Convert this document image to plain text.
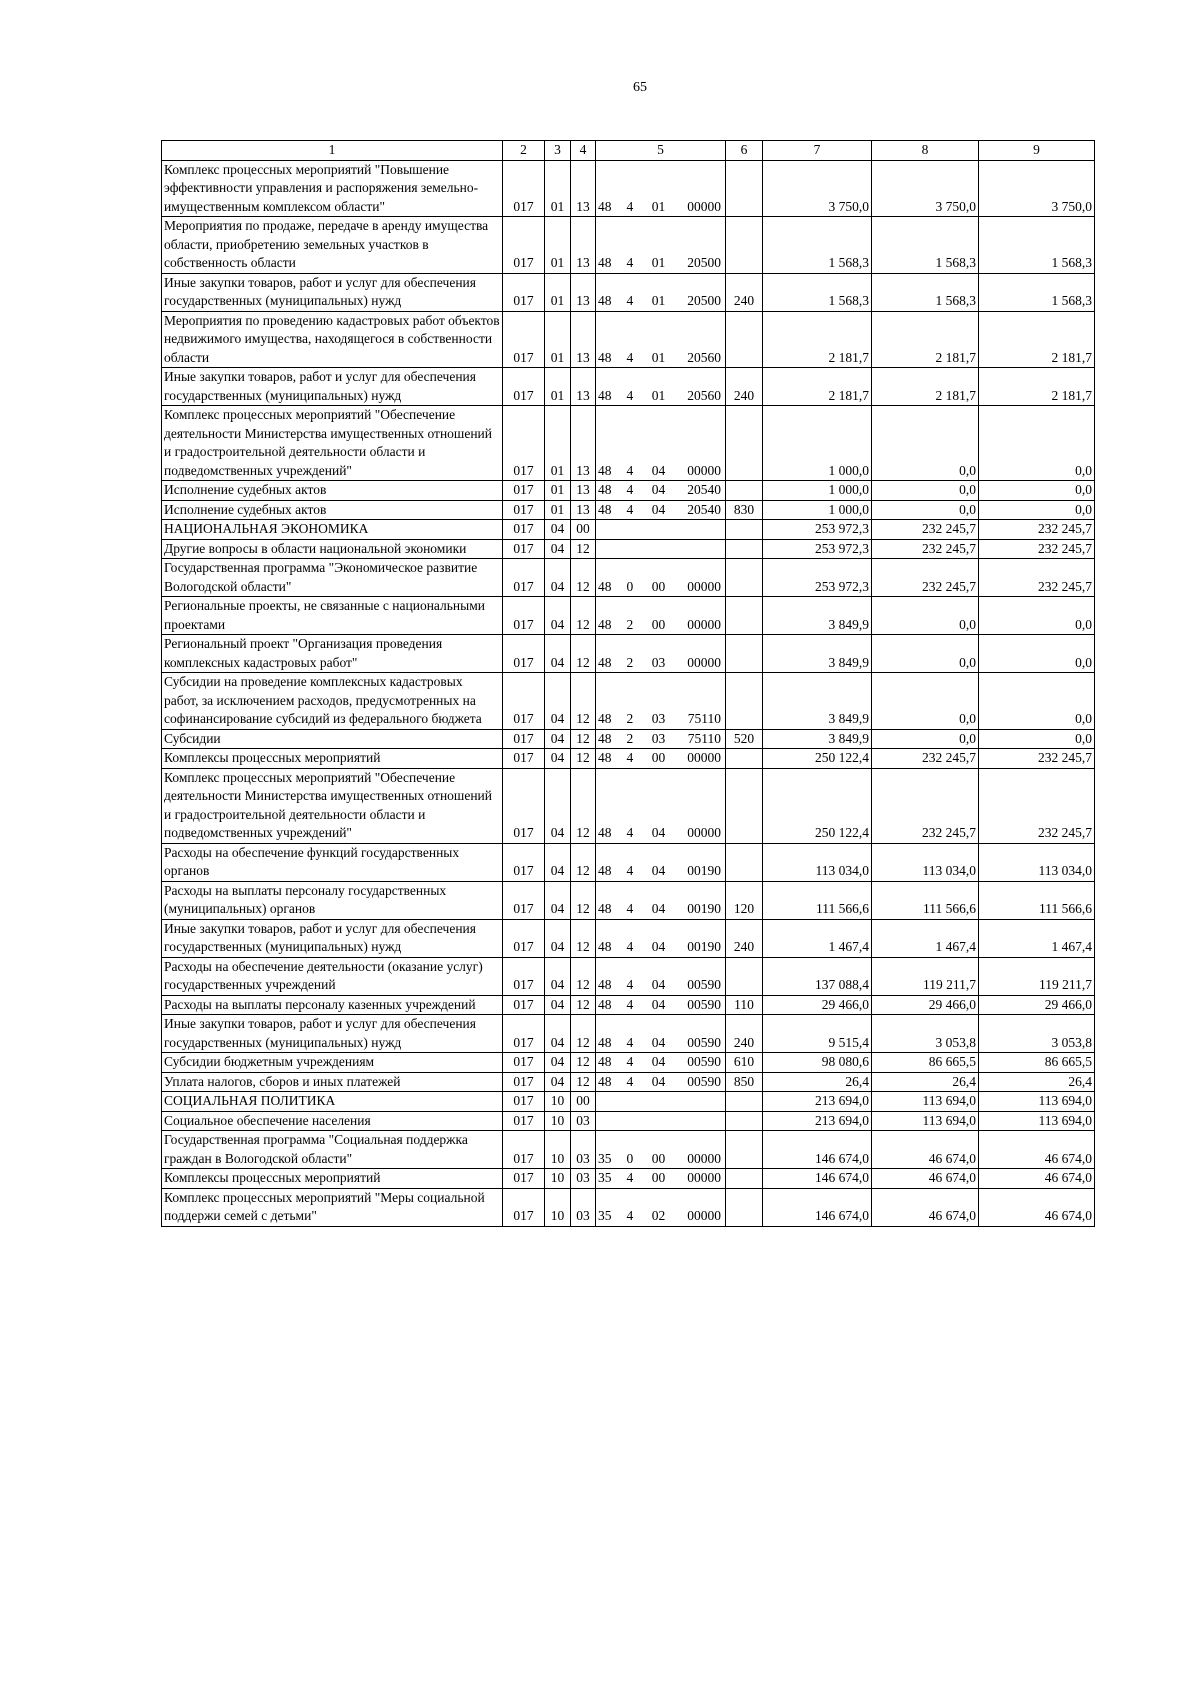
65
1	2	3	4	5				6	7	8	9
Комплекс процессных мероприятий "Повышение эффективности управления и распоряжения земельно-имущественным комплексом области"	017	01	13	48	4	01	00000		3 750,0	3 750,0	3 750,0
Мероприятия по продаже, передаче в аренду имущества области, приобретению земельных участков в собственность области	017	01	13	48	4	01	20500		1 568,3	1 568,3	1 568,3
Иные закупки товаров, работ и услуг для обеспечения государственных (муниципальных) нужд	017	01	13	48	4	01	20500	240	1 568,3	1 568,3	1 568,3
Мероприятия по проведению кадастровых работ объектов недвижимого имущества, находящегося в собственности области	017	01	13	48	4	01	20560		2 181,7	2 181,7	2 181,7
Иные закупки товаров, работ и услуг для обеспечения государственных (муниципальных) нужд	017	01	13	48	4	01	20560	240	2 181,7	2 181,7	2 181,7
Комплекс процессных мероприятий "Обеспечение деятельности Министерства имущественных отношений и градостроительной деятельности области и подведомственных учреждений"	017	01	13	48	4	04	00000		1 000,0	0,0	0,0
Исполнение судебных актов	017	01	13	48	4	04	20540		1 000,0	0,0	0,0
Исполнение судебных актов	017	01	13	48	4	04	20540	830	1 000,0	0,0	0,0
НАЦИОНАЛЬНАЯ ЭКОНОМИКА	017	04	00						253 972,3	232 245,7	232 245,7
Другие вопросы в области национальной экономики	017	04	12						253 972,3	232 245,7	232 245,7
Государственная программа "Экономическое развитие Вологодской области"	017	04	12	48	0	00	00000		253 972,3	232 245,7	232 245,7
Региональные проекты, не связанные с национальными проектами	017	04	12	48	2	00	00000		3 849,9	0,0	0,0
Региональный проект "Организация проведения комплексных кадастровых работ"	017	04	12	48	2	03	00000		3 849,9	0,0	0,0
Субсидии на проведение комплексных кадастровых работ, за исключением расходов, предусмотренных на софинансирование субсидий из федерального бюджета	017	04	12	48	2	03	75110		3 849,9	0,0	0,0
Субсидии	017	04	12	48	2	03	75110	520	3 849,9	0,0	0,0
Комплексы процессных мероприятий	017	04	12	48	4	00	00000		250 122,4	232 245,7	232 245,7
Комплекс процессных мероприятий "Обеспечение деятельности Министерства имущественных отношений и градостроительной деятельности области и подведомственных учреждений"	017	04	12	48	4	04	00000		250 122,4	232 245,7	232 245,7
Расходы на обеспечение функций государственных органов	017	04	12	48	4	04	00190		113 034,0	113 034,0	113 034,0
Расходы на выплаты персоналу государственных (муниципальных) органов	017	04	12	48	4	04	00190	120	111 566,6	111 566,6	111 566,6
Иные закупки товаров, работ и услуг для обеспечения государственных (муниципальных) нужд	017	04	12	48	4	04	00190	240	1 467,4	1 467,4	1 467,4
Расходы на обеспечение деятельности (оказание услуг) государственных учреждений	017	04	12	48	4	04	00590		137 088,4	119 211,7	119 211,7
Расходы на выплаты персоналу казенных учреждений	017	04	12	48	4	04	00590	110	29 466,0	29 466,0	29 466,0
Иные закупки товаров, работ и услуг для обеспечения государственных (муниципальных) нужд	017	04	12	48	4	04	00590	240	9 515,4	3 053,8	3 053,8
Субсидии бюджетным учреждениям	017	04	12	48	4	04	00590	610	98 080,6	86 665,5	86 665,5
Уплата налогов, сборов и иных платежей	017	04	12	48	4	04	00590	850	26,4	26,4	26,4
СОЦИАЛЬНАЯ ПОЛИТИКА	017	10	00						213 694,0	113 694,0	113 694,0
Социальное обеспечение населения	017	10	03						213 694,0	113 694,0	113 694,0
Государственная программа "Социальная поддержка граждан в Вологодской области"	017	10	03	35	0	00	00000		146 674,0	46 674,0	46 674,0
Комплексы процессных мероприятий	017	10	03	35	4	00	00000		146 674,0	46 674,0	46 674,0
Комплекс процессных мероприятий "Меры социальной поддержи семей с детьми"	017	10	03	35	4	02	00000		146 674,0	46 674,0	46 674,0
